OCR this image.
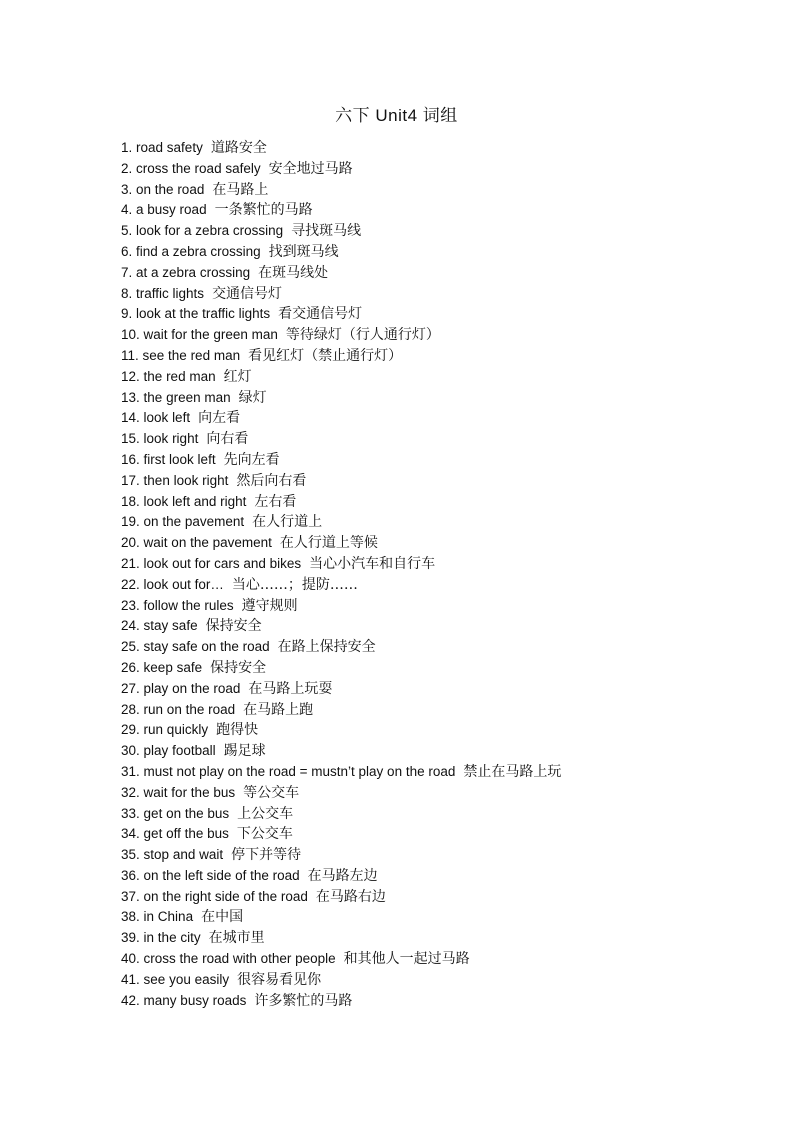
六下 Unit4 词组
1. road safety 道路安全
2. cross the road safely 安全地过马路
3. on the road 在马路上
4. a busy road 一条繁忙的马路
5. look for a zebra crossing 寻找斑马线
6. find a zebra crossing 找到斑马线
7. at a zebra crossing 在斑马线处
8. traffic lights 交通信号灯
9. look at the traffic lights 看交通信号灯
10. wait for the green man 等待绿灯（行人通行灯）
11. see the red man 看见红灯（禁止通行灯）
12. the red man 红灯
13. the green man 绿灯
14. look left 向左看
15. look right 向右看
16. first look left 先向左看
17. then look right 然后向右看
18. look left and right 左右看
19. on the pavement 在人行道上
20. wait on the pavement 在人行道上等候
21. look out for cars and bikes 当心小汽车和自行车
22. look out for… 当心……；提防……
23. follow the rules 遵守规则
24. stay safe 保持安全
25. stay safe on the road 在路上保持安全
26. keep safe 保持安全
27. play on the road 在马路上玩耍
28. run on the road 在马路上跑
29. run quickly 跑得快
30. play football 踢足球
31. must not play on the road = mustn’t play on the road 禁止在马路上玩
32. wait for the bus 等公交车
33. get on the bus 上公交车
34. get off the bus 下公交车
35. stop and wait 停下并等待
36. on the left side of the road 在马路左边
37. on the right side of the road 在马路右边
38. in China 在中国
39. in the city 在城市里
40. cross the road with other people 和其他人一起过马路
41. see you easily 很容易看见你
42. many busy roads 许多繁忙的马路
